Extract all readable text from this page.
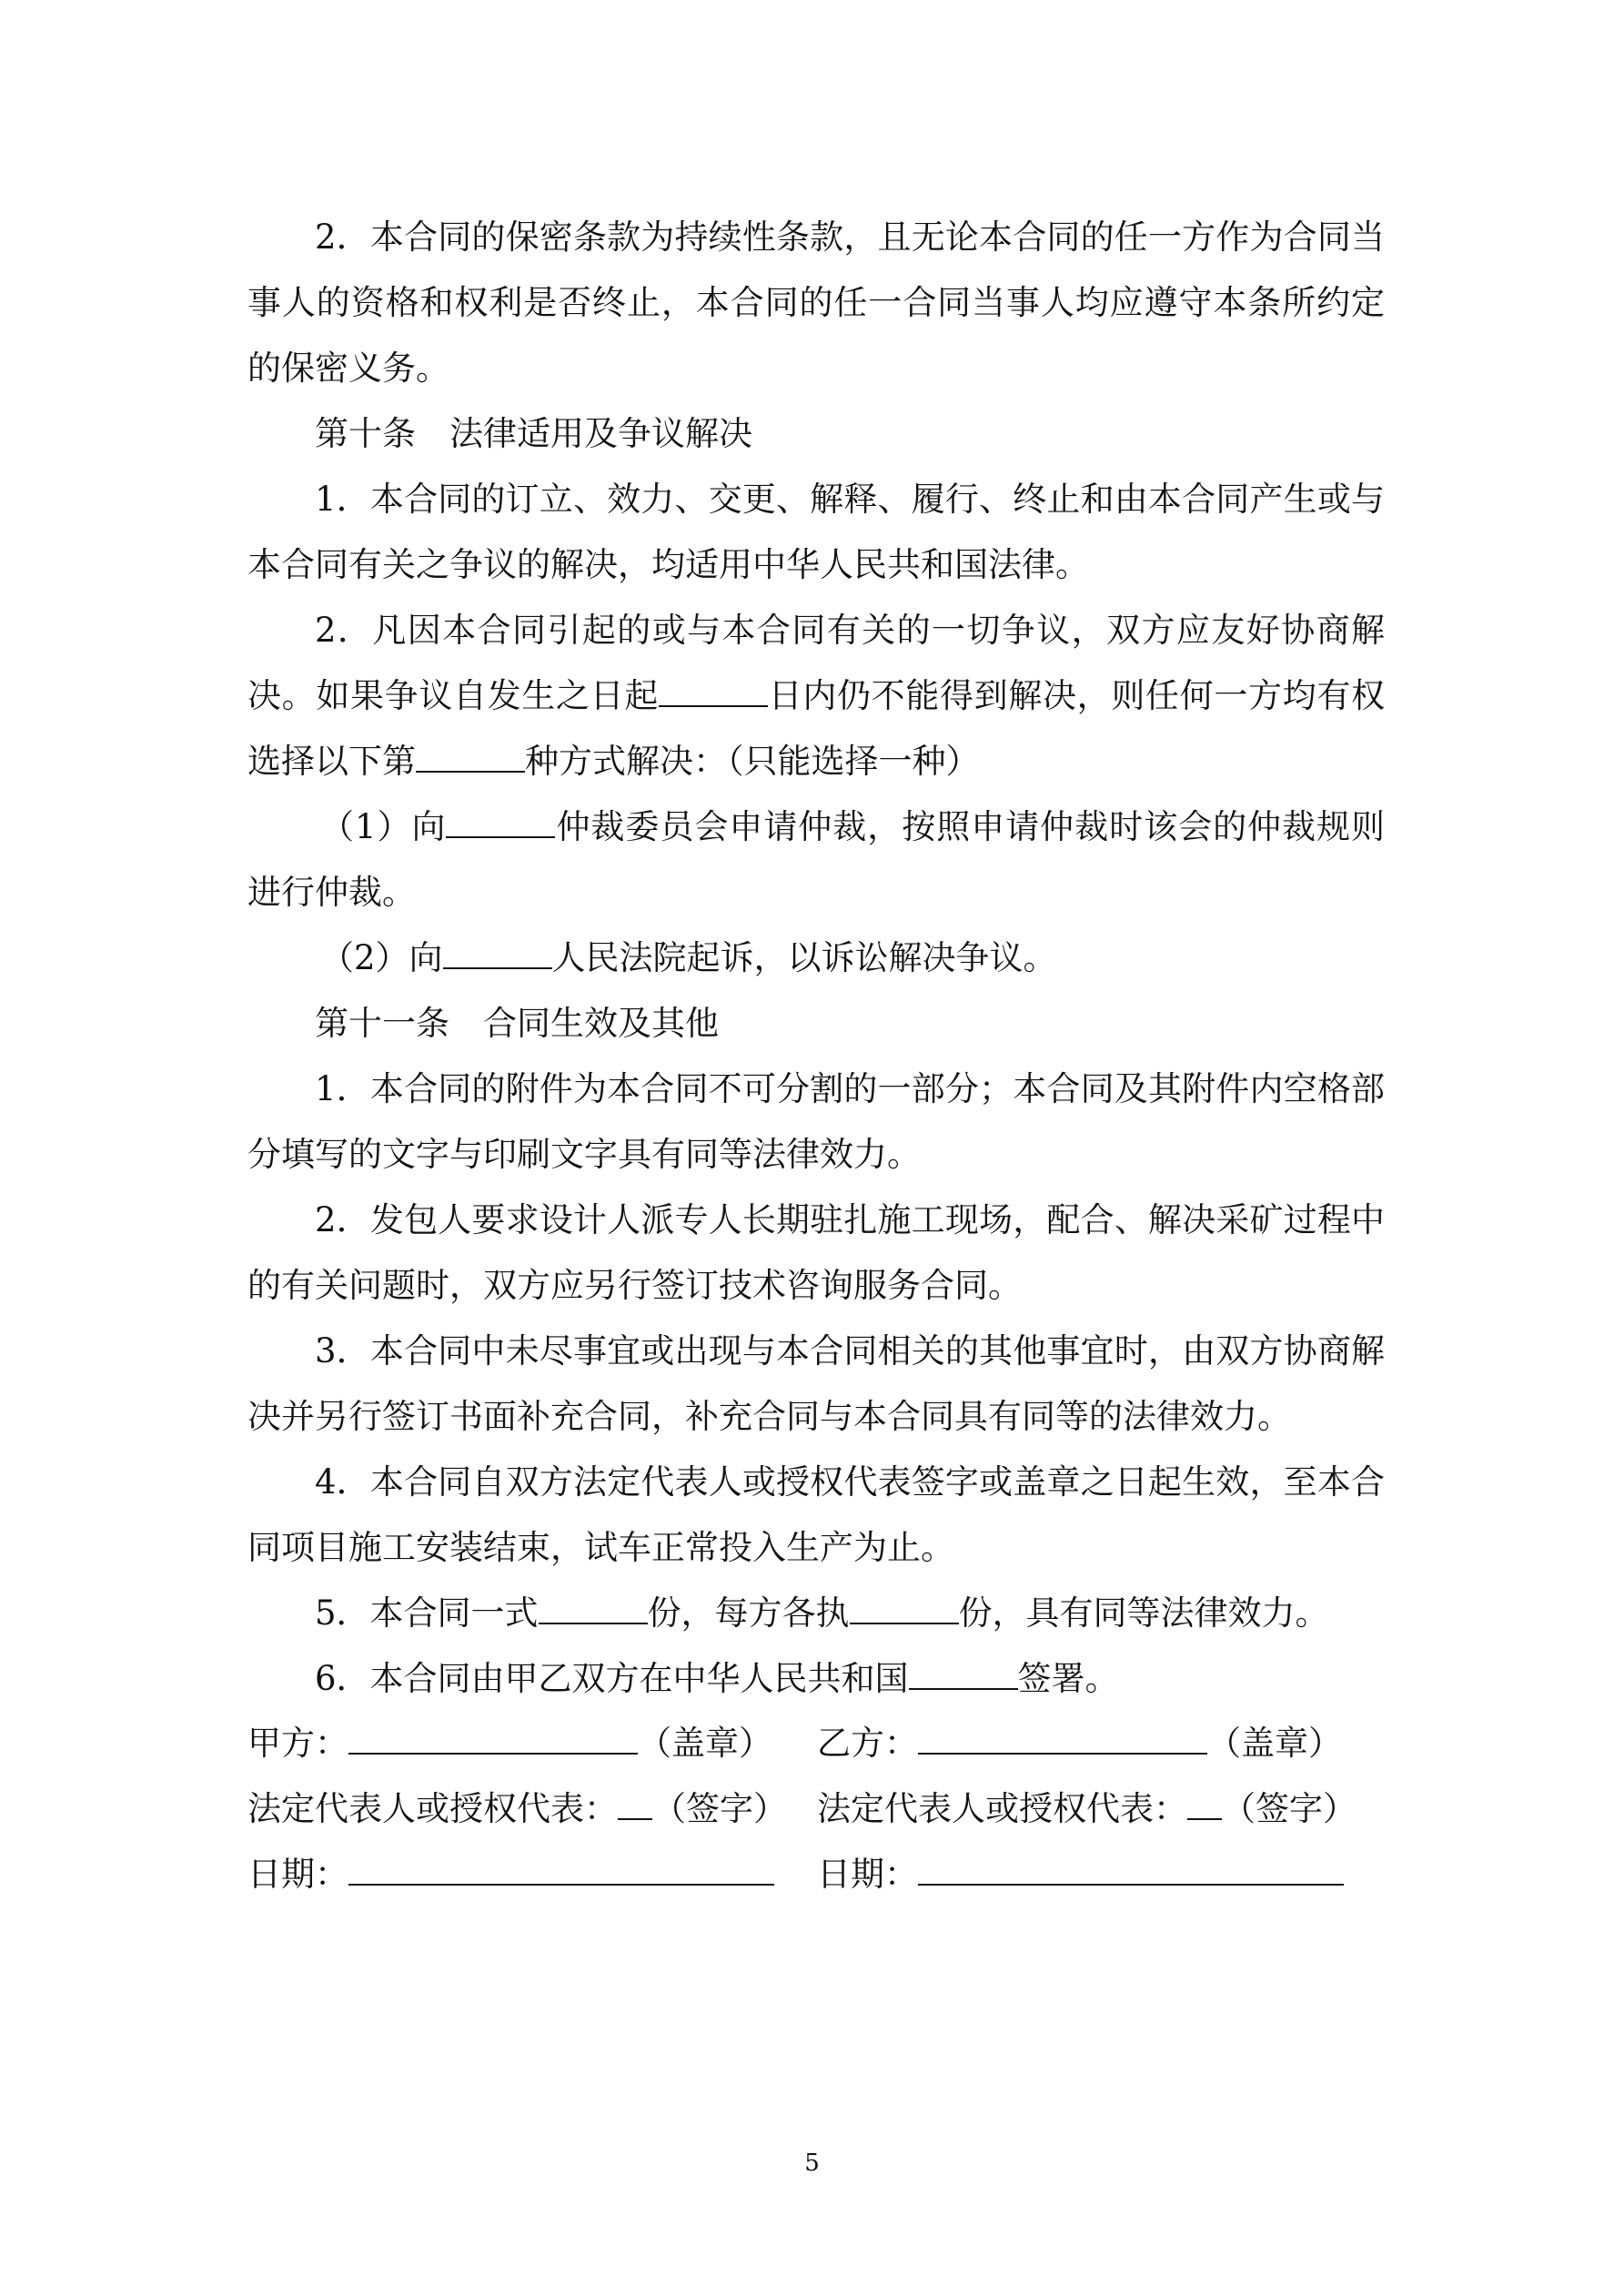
2．本合同的保密条款为持续性条款，且无论本合同的任一方作为合同当事人的资格和权利是否终止，本合同的任一合同当事人均应遵守本条所约定的保密义务。

第十条　法律适用及争议解决

1．本合同的订立、效力、交更、解释、履行、终止和由本合同产生或与本合同有关之争议的解决，均适用中华人民共和国法律。

2．凡因本合同引起的或与本合同有关的一切争议，双方应友好协商解决。如果争议自发生之日起	日内仍不能得到解决，则任何一方均有权选择以下第	种方式解决：（只能选择一种）

（1）向	仲裁委员会申请仲裁，按照申请仲裁时该会的仲裁规则进行仲裁。

（2）向	人民法院起诉，以诉讼解决争议。

第十一条　合同生效及其他

1．本合同的附件为本合同不可分割的一部分；本合同及其附件内空格部分填写的文字与印刷文字具有同等法律效力。

2．发包人要求设计人派专人长期驻扎施工现场，配合、解决采矿过程中的有关问题时，双方应另行签订技术咨询服务合同。

3．本合同中未尽事宜或出现与本合同相关的其他事宜时，由双方协商解决并另行签订书面补充合同，补充合同与本合同具有同等的法律效力。

4．本合同自双方法定代表人或授权代表签字或盖章之日起生效，至本合同项目施工安装结束，试车正常投入生产为止。

5．本合同一式	份，每方各执	份，具有同等法律效力。

6．本合同由甲乙双方在中华人民共和国	签署。

甲方：	（盖章） 乙方：	（盖章）
法定代表人或授权代表： （签字） 法定代表人或授权代表： （签字）
日期：	日期：
5
